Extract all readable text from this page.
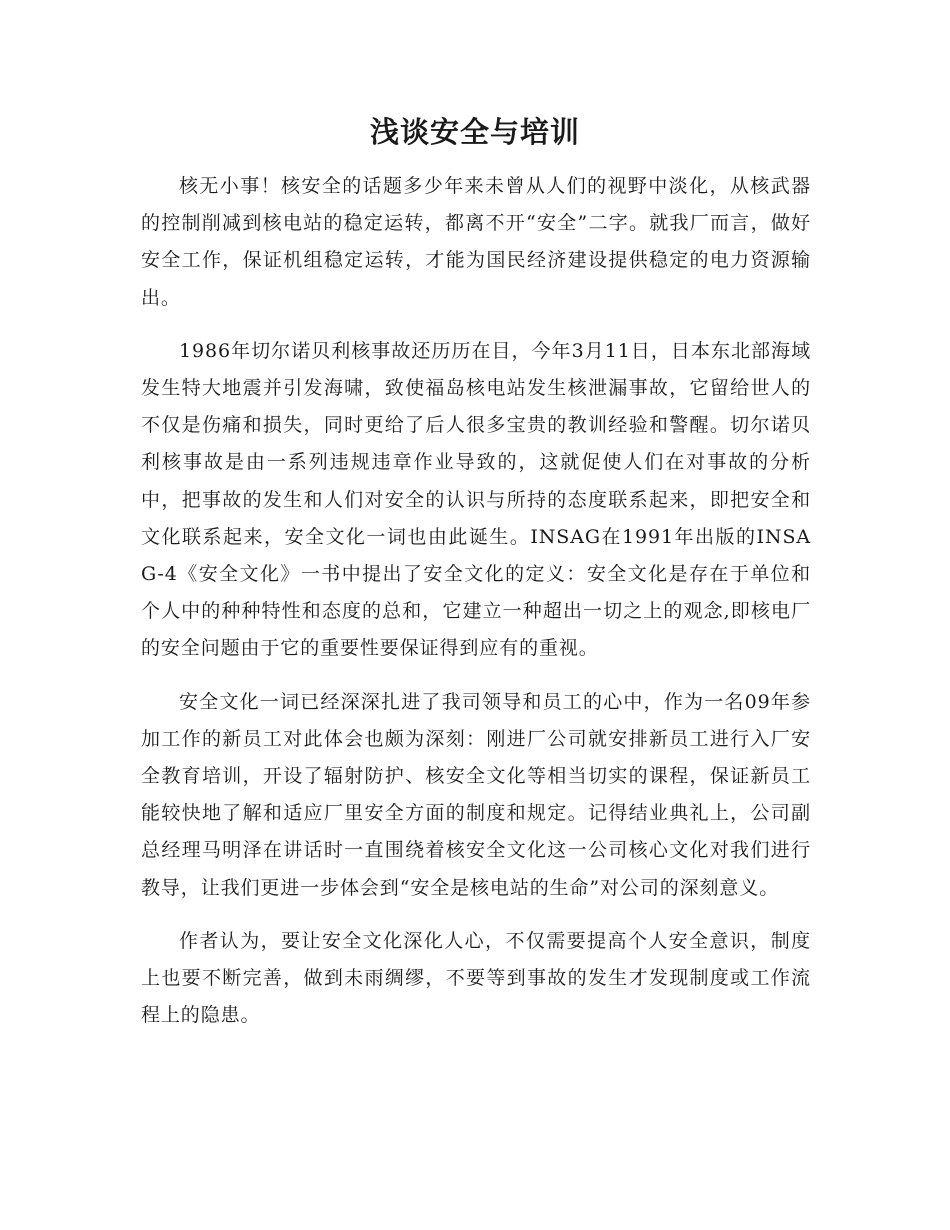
浅谈安全与培训

核无小事！核安全的话题多少年来未曾从人们的视野中淡化，从核武器的控制削减到核电站的稳定运转，都离不开“安全”二字。就我厂而言，做好安全工作，保证机组稳定运转，才能为国民经济建设提供稳定的电力资源输出。

1986年切尔诺贝利核事故还历历在目，今年3月11日，日本东北部海域发生特大地震并引发海啸，致使福岛核电站发生核泄漏事故，它留给世人的不仅是伤痛和损失，同时更给了后人很多宝贵的教训经验和警醒。切尔诺贝利核事故是由一系列违规违章作业导致的，这就促使人们在对事故的分析中，把事故的发生和人们对安全的认识与所持的态度联系起来，即把安全和文化联系起来，安全文化一词也由此诞生。INSAG在1991年出版的INSAG-4《安全文化》一书中提出了安全文化的定义：安全文化是存在于单位和个人中的种种特性和态度的总和，它建立一种超出一切之上的观念,即核电厂的安全问题由于它的重要性要保证得到应有的重视。

安全文化一词已经深深扎进了我司领导和员工的心中，作为一名09年参加工作的新员工对此体会也颇为深刻：刚进厂公司就安排新员工进行入厂安全教育培训，开设了辐射防护、核安全文化等相当切实的课程，保证新员工能较快地了解和适应厂里安全方面的制度和规定。记得结业典礼上，公司副总经理马明泽在讲话时一直围绕着核安全文化这一公司核心文化对我们进行教导，让我们更进一步体会到“安全是核电站的生命”对公司的深刻意义。

作者认为，要让安全文化深化人心，不仅需要提高个人安全意识，制度上也要不断完善，做到未雨绸缪，不要等到事故的发生才发现制度或工作流程上的隐患。
